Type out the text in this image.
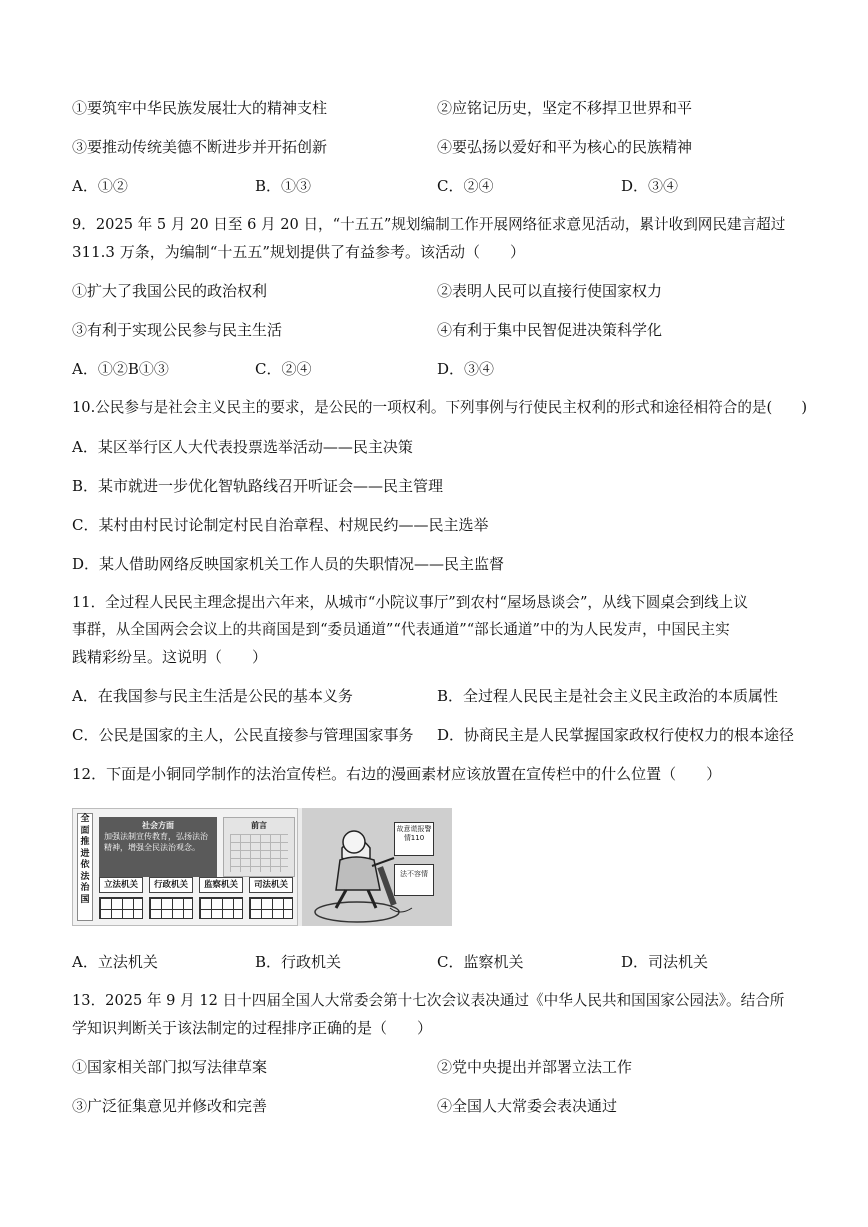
①要筑牢中华民族发展壮大的精神支柱	②应铭记历史，坚定不移捍卫世界和平
③要推动传统美德不断进步并开拓创新	④要弘扬以爱好和平为核心的民族精神
A．①②	B．①③	C．②④	D．③④
9．2025 年 5 月 20 日至 6 月 20 日，“十五五”规划编制工作开展网络征求意见活动，累计收到网民建言超过
311.3 万条，为编制“十五五”规划提供了有益参考。该活动（　　）
①扩大了我国公民的政治权利	②表明人民可以直接行使国家权力
③有利于实现公民参与民主生活	④有利于集中民智促进决策科学化
A．①②B①③	C．②④	D．③④
10.公民参与是社会主义民主的要求，是公民的一项权利。下列事例与行使民主权利的形式和途径相符合的是(　　)
A．某区举行区人大代表投票选举活动——民主决策
B．某市就进一步优化智轨路线召开听证会——民主管理
C．某村由村民讨论制定村民自治章程、村规民约——民主选举
D．某人借助网络反映国家机关工作人员的失职情况——民主监督
11．全过程人民民主理念提出六年来，从城市“小院议事厅”到农村“屋场恳谈会”，从线下圆桌会到线上议
事群，从全国两会会议上的共商国是到“委员通道”“代表通道”“部长通道”中的为人民发声，中国民主实
践精彩纷呈。这说明（　　）
A．在我国参与民主生活是公民的基本义务	B．全过程人民民主是社会主义民主政治的本质属性
C．公民是国家的主人，公民直接参与管理国家事务 D．协商民主是人民掌握国家政权行使权力的根本途径
12．下面是小铜同学制作的法治宣传栏。右边的漫画素材应该放置在宣传栏中的什么位置（　　）
全面推进依法治国
社会方面
加强法制宣传教育，弘扬法治精神，增强全民法治观念。
前言
立法机关	行政机关	监察机关	司法机关
故意谎报警情110
法不容情
A．立法机关	B．行政机关	C．监察机关	D．司法机关
13．2025 年 9 月 12 日十四届全国人大常委会第十七次会议表决通过《中华人民共和国国家公园法》。结合所
学知识判断关于该法制定的过程排序正确的是（　　）
①国家相关部门拟写法律草案	②党中央提出并部署立法工作
③广泛征集意见并修改和完善	④全国人大常委会表决通过
